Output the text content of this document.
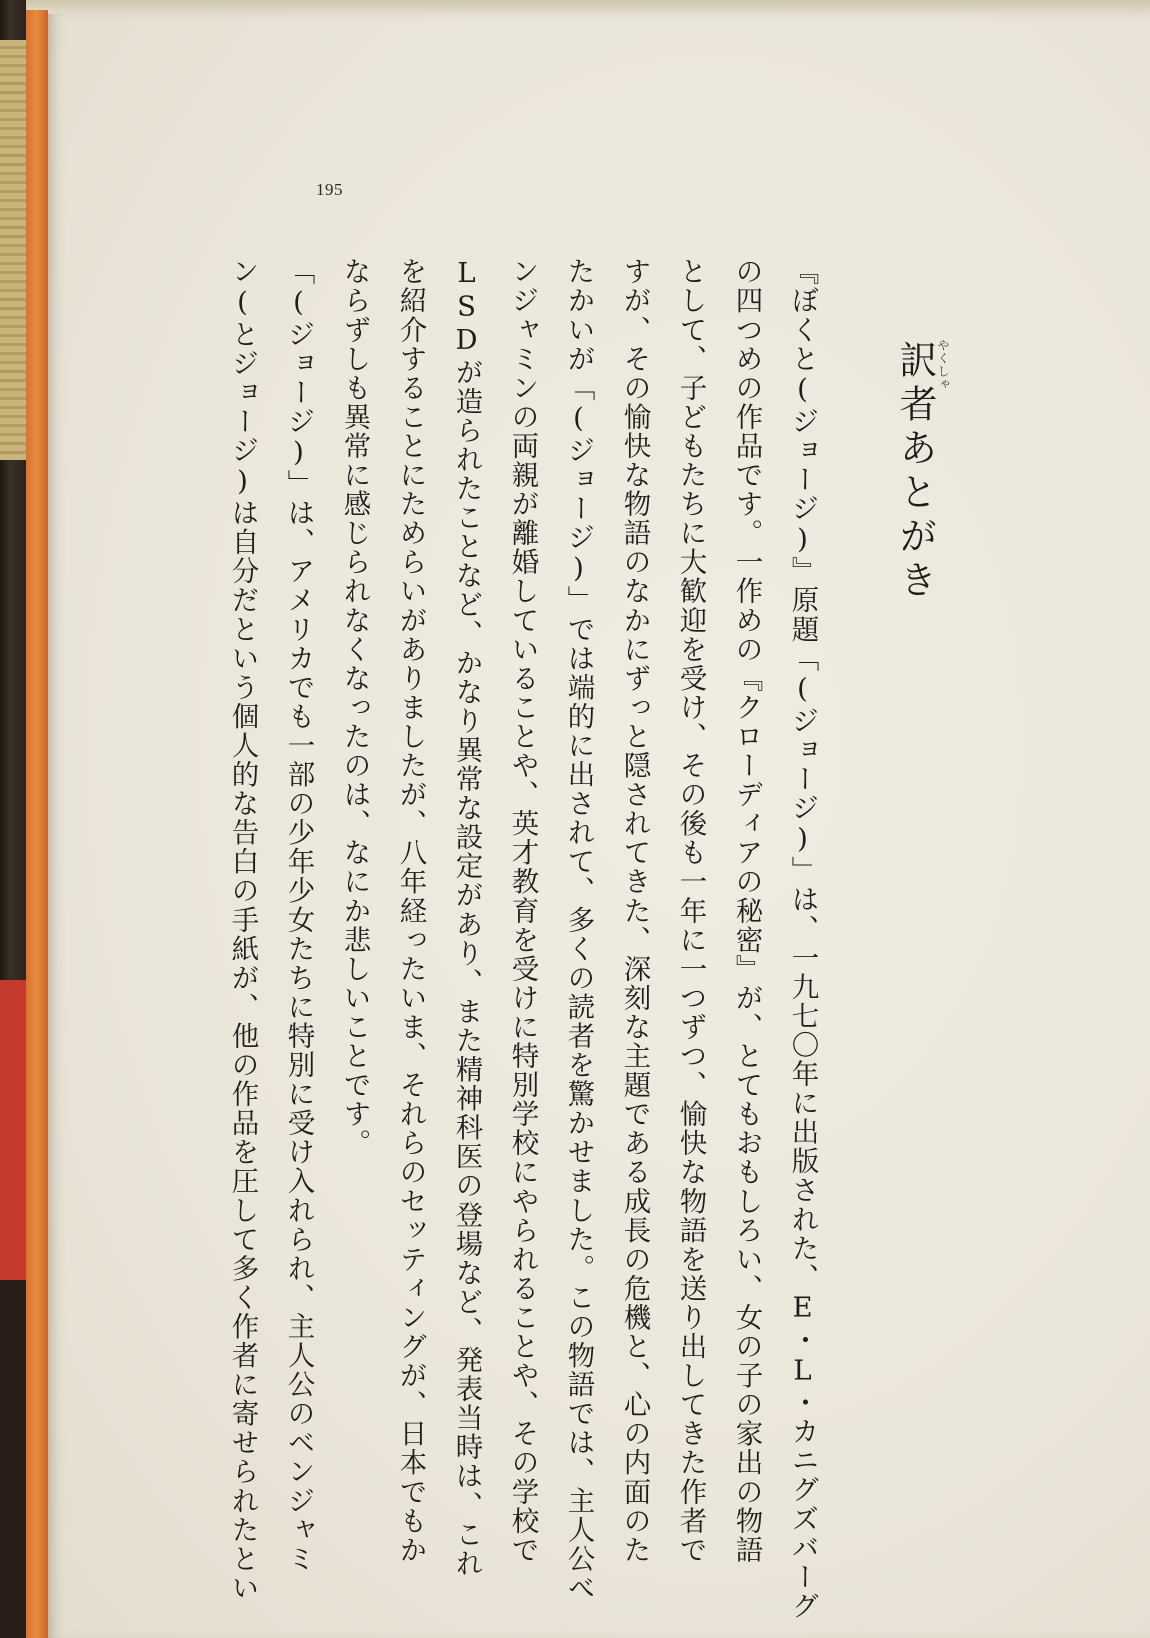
195
訳者あとがき やくしゃ
『ぼくと(ジョージ)』原題「(ジョージ)」は、一九七〇年に出版された、E・L・カニグズバーグ
の四つめの作品です。一作めの『クローディアの秘密』が、とてもおもしろい、女の子の家出の物語
として、子どもたちに大歓迎を受け、その後も一年に一つずつ、愉快な物語を送り出してきた作者で
すが、その愉快な物語のなかにずっと隠されてきた、深刻な主題である成長の危機と、心の内面のた
たかいが「(ジョージ)」では端的に出されて、多くの読者を驚かせました。この物語では、主人公べ
ンジャミンの両親が離婚していることや、英才教育を受けに特別学校にやられることや、その学校で
LSDが造られたことなど、かなり異常な設定があり、また精神科医の登場など、発表当時は、これ
を紹介することにためらいがありましたが、八年経ったいま、それらのセッティングが、日本でもか
ならずしも異常に感じられなくなったのは、なにか悲しいことです。
「(ジョージ)」は、アメリカでも一部の少年少女たちに特別に受け入れられ、主人公のベンジャミ
ン(とジョージ)は自分だという個人的な告白の手紙が、他の作品を圧して多く作者に寄せられたとい
